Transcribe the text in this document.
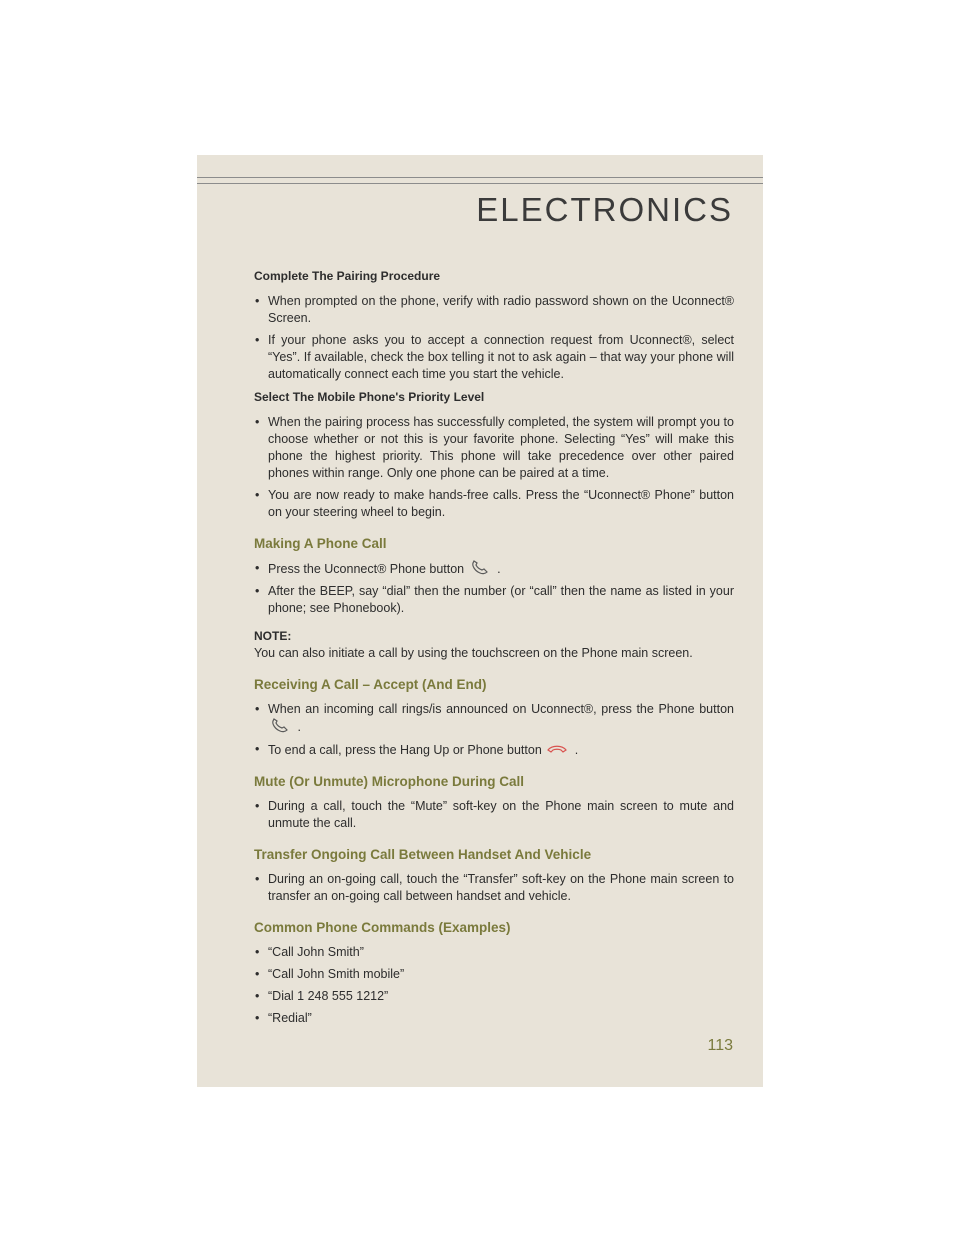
ELECTRONICS
Complete The Pairing Procedure
• When prompted on the phone, verify with radio password shown on the Uconnect® Screen.
• If your phone asks you to accept a connection request from Uconnect®, select “Yes”. If available, check the box telling it not to ask again – that way your phone will automatically connect each time you start the vehicle.
Select The Mobile Phone's Priority Level
• When the pairing process has successfully completed, the system will prompt you to choose whether or not this is your favorite phone. Selecting “Yes” will make this phone the highest priority. This phone will take precedence over other paired phones within range. Only one phone can be paired at a time.
• You are now ready to make hands-free calls. Press the “Uconnect® Phone” button on your steering wheel to begin.
Making A Phone Call
• Press the Uconnect® Phone button	.
• After the BEEP, say “dial” then the number (or “call” then the name as listed in your phone; see Phonebook).
NOTE:
You can also initiate a call by using the touchscreen on the Phone main screen.
Receiving A Call – Accept (And End)
• When an incoming call rings/is announced on Uconnect®, press the Phone button  .
• To end a call, press the Hang Up or Phone button	.
Mute (Or Unmute) Microphone During Call
• During a call, touch the “Mute” soft-key on the Phone main screen to mute and unmute the call.
Transfer Ongoing Call Between Handset And Vehicle
• During an on-going call, touch the “Transfer” soft-key on the Phone main screen to transfer an on-going call between handset and vehicle.
Common Phone Commands (Examples)
• “Call John Smith”
• “Call John Smith mobile”
• “Dial 1 248 555 1212”
• “Redial”
113
